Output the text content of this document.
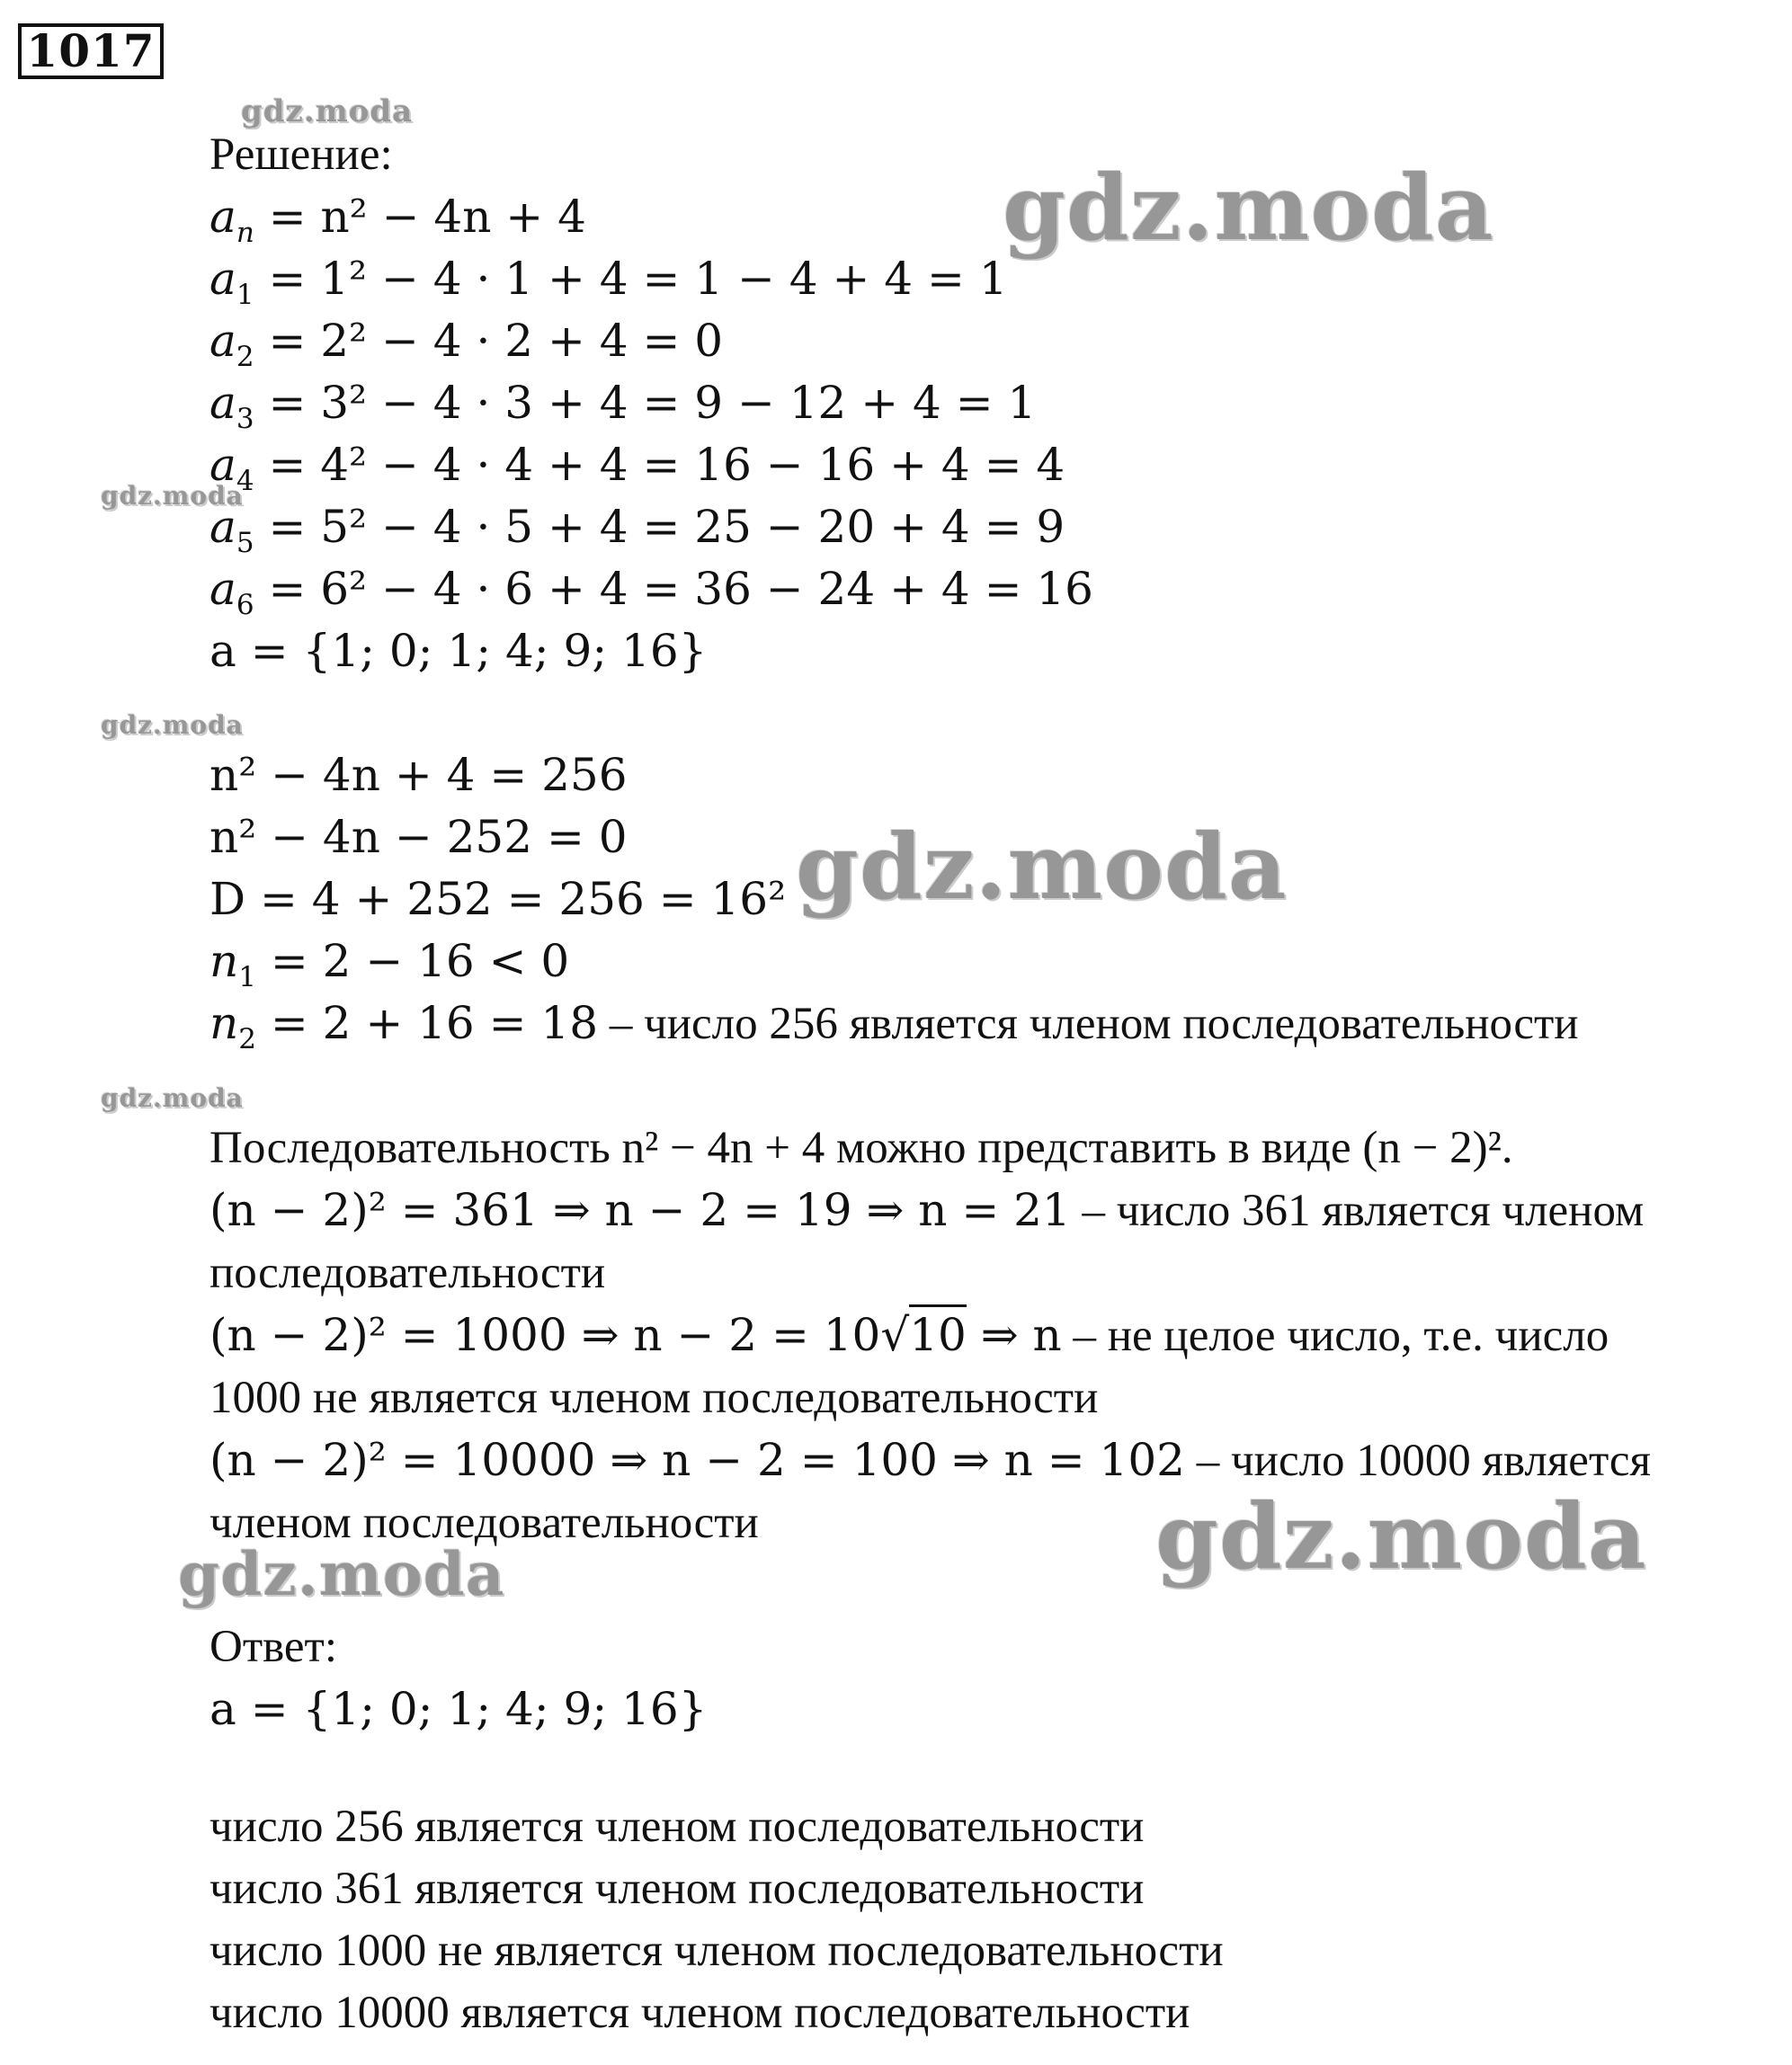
1017
Решение:
$a_n = n^2 - 4n + 4$
$a_1 = 1^2 - 4 \cdot 1 + 4 = 1 - 4 + 4 = 1$
$a_2 = 2^2 - 4 \cdot 2 + 4 = 0$
$a_3 = 3^2 - 4 \cdot 3 + 4 = 9 - 12 + 4 = 1$
$a_4 = 4^2 - 4 \cdot 4 + 4 = 16 - 16 + 4 = 4$
$a_5 = 5^2 - 4 \cdot 5 + 4 = 25 - 20 + 4 = 9$
$a_6 = 6^2 - 4 \cdot 6 + 4 = 36 - 24 + 4 = 16$
a = {1; 0; 1; 4; 9; 16}
n² − 4n + 4 = 256
n² − 4n − 252 = 0
D = 4 + 252 = 256 = 16²
$n_1 = 2 - 16 < 0$
$n_2 = 2 + 16 = 18$ – число 256 является членом последовательности
Последовательность n² − 4n + 4 можно представить в виде (n − 2)².
(n − 2)² = 361 ⇒ n − 2 = 19 ⇒ n = 21 – число 361 является членом
последовательности
(n − 2)² = 1000 ⇒ n − 2 = 10√10 ⇒ n – не целое число, т.е. число
1000 не является членом последовательности
(n − 2)² = 10000 ⇒ n − 2 = 100 ⇒ n = 102 – число 10000 является
членом последовательности
Ответ:
a = {1; 0; 1; 4; 9; 16}
число 256 является членом последовательности
число 361 является членом последовательности
число 1000 не является членом последовательности
число 10000 является членом последовательности
gdz.moda
gdz.moda
gdz.moda
gdz.moda
gdz.moda
gdz.moda
gdz.moda
gdz.moda
